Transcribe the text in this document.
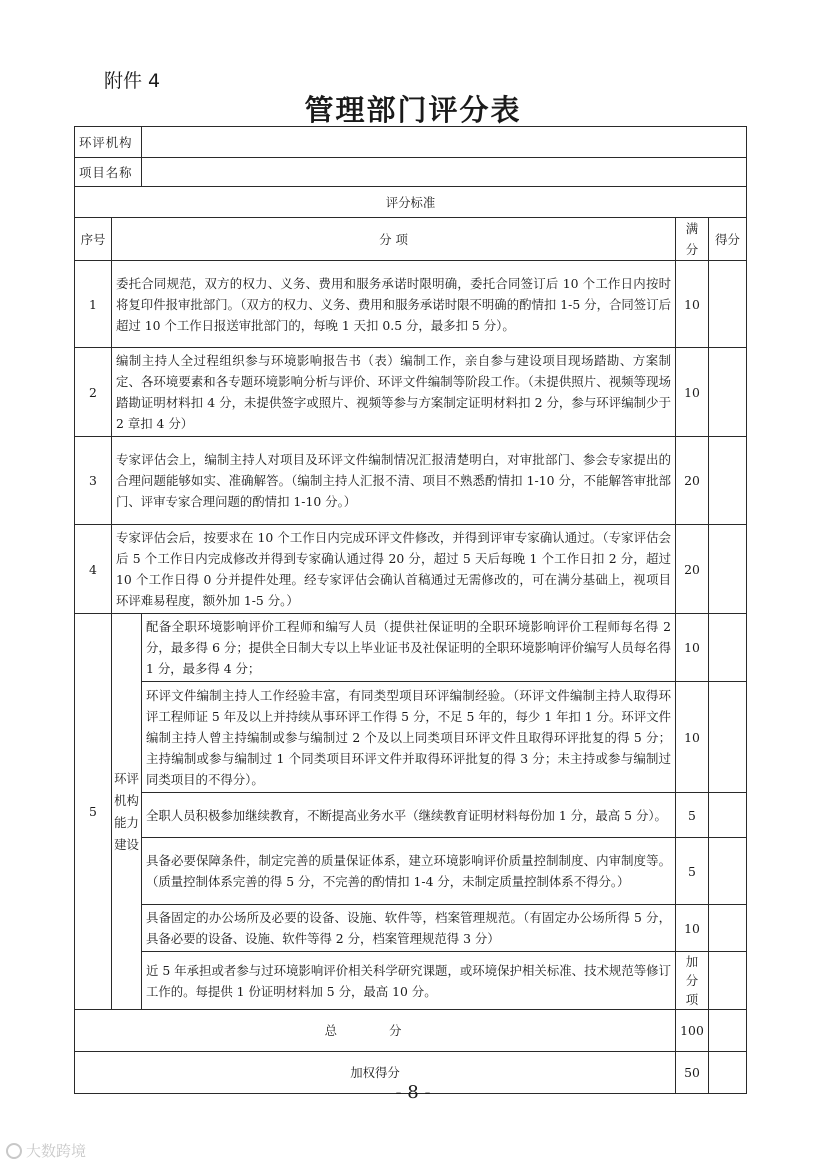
附件 4
管理部门评分表
环评机构				
项目名称				
评分标准				
序号	分 项		满分	得分
1	委托合同规范，双方的权力、义务、费用和服务承诺时限明确，委托合同签订后 10 个工作日内按时将复印件报审批部门。（双方的权力、义务、费用和服务承诺时限不明确的酌情扣 1-5 分，合同签订后超过 10 个工作日报送审批部门的，每晚 1 天扣 0.5 分，最多扣 5 分）。		10	
2	编制主持人全过程组织参与环境影响报告书（表）编制工作，亲自参与建设项目现场踏勘、方案制定、各环境要素和各专题环境影响分析与评价、环评文件编制等阶段工作。（未提供照片、视频等现场踏勘证明材料扣 4 分，未提供签字或照片、视频等参与方案制定证明材料扣 2 分，参与环评编制少于 2 章扣 4 分）		10	
3	专家评估会上，编制主持人对项目及环评文件编制情况汇报清楚明白，对审批部门、参会专家提出的合理问题能够如实、准确解答。（编制主持人汇报不清、项目不熟悉酌情扣 1-10 分，不能解答审批部门、评审专家合理问题的酌情扣 1-10 分。）		20	
4	专家评估会后，按要求在 10 个工作日内完成环评文件修改，并得到评审专家确认通过。（专家评估会后 5 个工作日内完成修改并得到专家确认通过得 20 分，超过 5 天后每晚 1 个工作日扣 2 分，超过 10 个工作日得 0 分并提件处理。经专家评估会确认首稿通过无需修改的，可在满分基础上，视项目环评难易程度，额外加 1-5 分。）		20	
5	环评机构能力建设	配备全职环境影响评价工程师和编写人员（提供社保证明的全职环境影响评价工程师每名得 2 分，最多得 6 分；提供全日制大专以上毕业证书及社保证明的全职环境影响评价编写人员每名得 1 分，最多得 4 分；	10	
		环评文件编制主持人工作经验丰富，有同类型项目环评编制经验。（环评文件编制主持人取得环评工程师证 5 年及以上并持续从事环评工作得 5 分，不足 5 年的，每少 1 年扣 1 分。环评文件编制主持人曾主持编制或参与编制过 2 个及以上同类项目环评文件且取得环评批复的得 5 分；主持编制或参与编制过 1 个同类项目环评文件并取得环评批复的得 3 分；未主持或参与编制过同类项目的不得分）。	10	
		全职人员积极参加继续教育，不断提高业务水平（继续教育证明材料每份加 1 分，最高 5 分）。	5	
		具备必要保障条件，制定完善的质量保证体系，建立环境影响评价质量控制制度、内审制度等。（质量控制体系完善的得 5 分，不完善的酌情扣 1-4 分，未制定质量控制体系不得分。）	5	
		具备固定的办公场所及必要的设备、设施、软件等，档案管理规范。（有固定办公场所得 5 分，具备必要的设备、设施、软件等得 2 分，档案管理规范得 3 分）	10	
		近 5 年承担或者参与过环境影响评价相关科学研究课题，或环境保护相关标准、技术规范等修订工作的。每提供 1 份证明材料加 5 分，最高 10 分。	加分项	
总 分			100	
加权得分			50	
- 8 -
大数跨境
